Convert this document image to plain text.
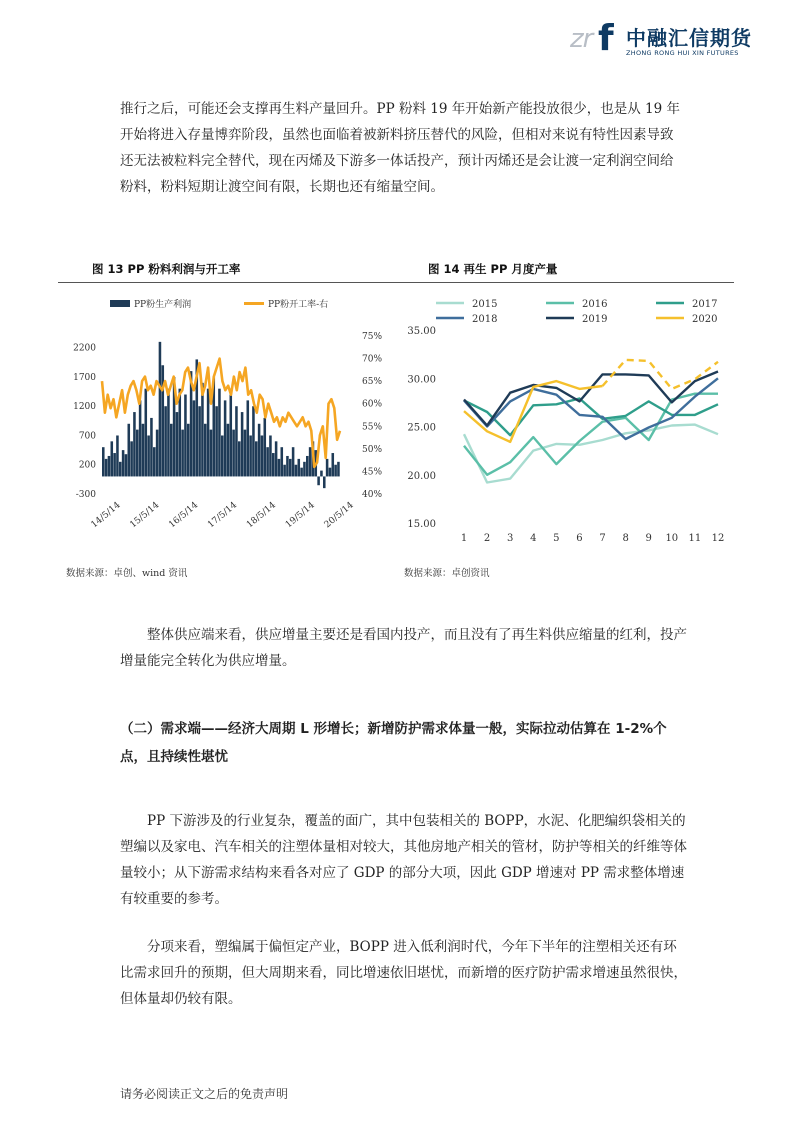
zr f 中融汇信期货
ZHONG RONG HUI XIN FUTURES

推行之后，可能还会支撑再生料产量回升。PP 粉料 19 年开始新产能投放很少，也是从 19 年开始将进入存量博弈阶段，虽然也面临着被新料挤压替代的风险，但相对来说有特性因素导致还无法被粒料完全替代，现在丙烯及下游多一体话投产，预计丙烯还是会让渡一定利润空间给粉料，粉料短期让渡空间有限，长期也还有缩量空间。

图 13 PP 粉料利润与开工率	图 14 再生 PP 月度产量
PP粉生产利润	PP粉开工率-右
-300
200
700
1200
1700
2200
40%
45%
50%
55%
60%
65%
70%
75%
14/5/14 15/5/14 16/5/14 17/5/14 18/5/14 19/5/14 20/5/14
2015	2016	2017
2018	2019	2020
15.00
20.00
25.00
30.00
35.00
1 2 3 4 5 6 7 8 9 10 11 12
数据来源：卓创、wind 资讯	数据来源：卓创资讯

整体供应端来看，供应增量主要还是看国内投产，而且没有了再生料供应缩量的红利，投产增量能完全转化为供应增量。

（二）需求端——经济大周期 L 形增长；新增防护需求体量一般，实际拉动估算在 1-2%个点，且持续性堪忧

PP 下游涉及的行业复杂，覆盖的面广，其中包装相关的 BOPP，水泥、化肥编织袋相关的塑编以及家电、汽车相关的注塑体量相对较大，其他房地产相关的管材，防护等相关的纤维等体量较小；从下游需求结构来看各对应了 GDP 的部分大项，因此 GDP 增速对 PP 需求整体增速有较重要的参考。

分项来看，塑编属于偏恒定产业，BOPP 进入低利润时代，今年下半年的注塑相关还有环比需求回升的预期，但大周期来看，同比增速依旧堪忧，而新增的医疗防护需求增速虽然很快，但体量却仍较有限。

请务必阅读正文之后的免责声明
